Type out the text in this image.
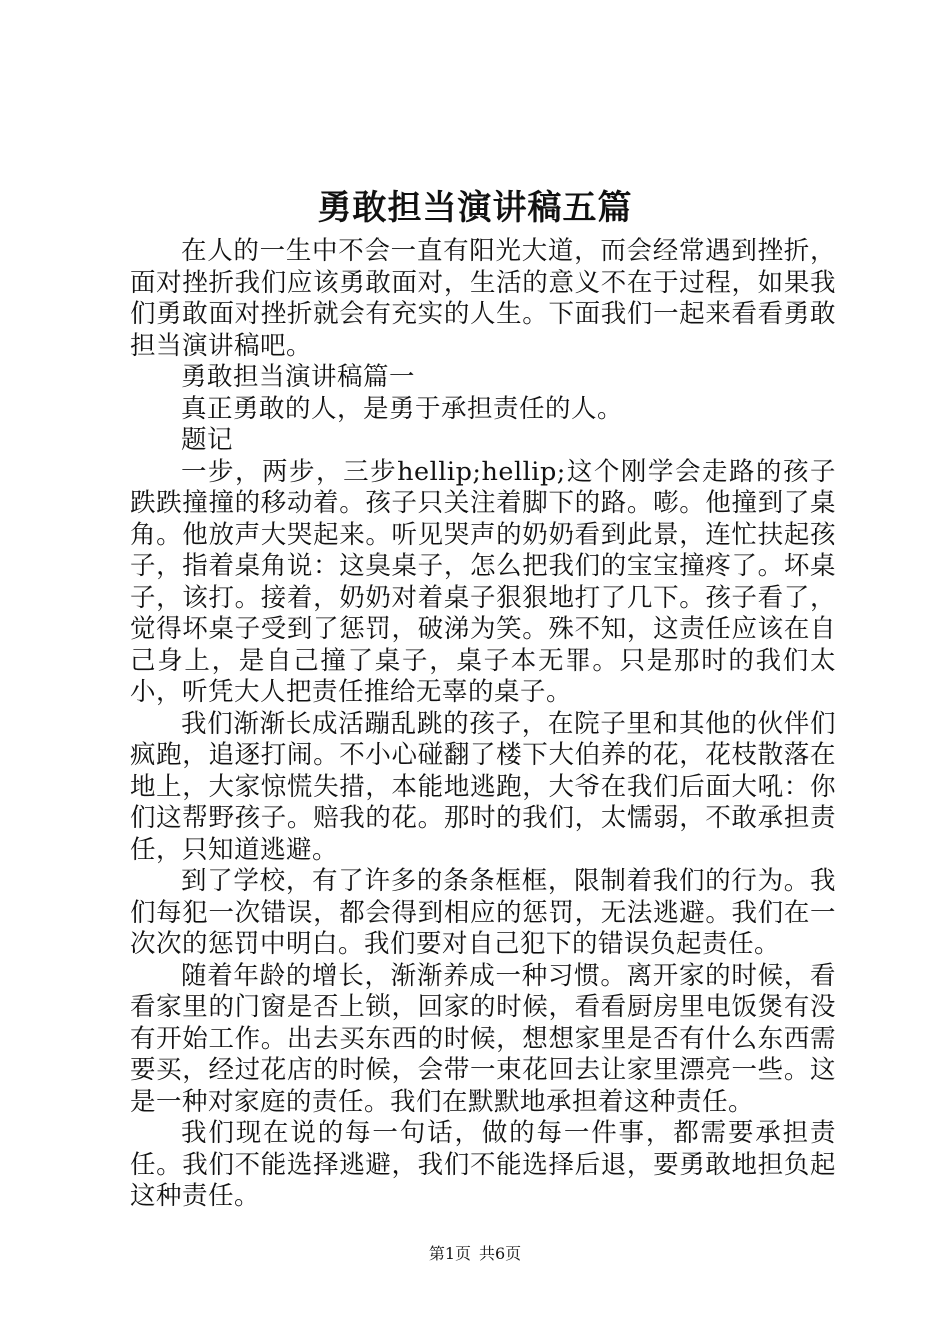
勇敢担当演讲稿五篇

在人的一生中不会一直有阳光大道，而会经常遇到挫折，面对挫折我们应该勇敢面对，生活的意义不在于过程，如果我们勇敢面对挫折就会有充实的人生。下面我们一起来看看勇敢担当演讲稿吧。

勇敢担当演讲稿篇一

真正勇敢的人，是勇于承担责任的人。

题记

一步，两步，三步hellip;hellip;这个刚学会走路的孩子跌跌撞撞的移动着。孩子只关注着脚下的路。嘭。他撞到了桌角。他放声大哭起来。听见哭声的奶奶看到此景，连忙扶起孩子，指着桌角说：这臭桌子，怎么把我们的宝宝撞疼了。坏桌子，该打。接着，奶奶对着桌子狠狠地打了几下。孩子看了，觉得坏桌子受到了惩罚，破涕为笑。殊不知，这责任应该在自己身上，是自己撞了桌子，桌子本无罪。只是那时的我们太小，听凭大人把责任推给无辜的桌子。

我们渐渐长成活蹦乱跳的孩子，在院子里和其他的伙伴们疯跑，追逐打闹。不小心碰翻了楼下大伯养的花，花枝散落在地上，大家惊慌失措，本能地逃跑，大爷在我们后面大吼：你们这帮野孩子。赔我的花。那时的我们，太懦弱，不敢承担责任，只知道逃避。

到了学校，有了许多的条条框框，限制着我们的行为。我们每犯一次错误，都会得到相应的惩罚，无法逃避。我们在一次次的惩罚中明白。我们要对自己犯下的错误负起责任。

随着年龄的增长，渐渐养成一种习惯。离开家的时候，看看家里的门窗是否上锁，回家的时候，看看厨房里电饭煲有没有开始工作。出去买东西的时候，想想家里是否有什么东西需要买，经过花店的时候，会带一束花回去让家里漂亮一些。这是一种对家庭的责任。我们在默默地承担着这种责任。

我们现在说的每一句话，做的每一件事，都需要承担责任。我们不能选择逃避，我们不能选择后退，要勇敢地担负起这种责任。

第1页 共6页
